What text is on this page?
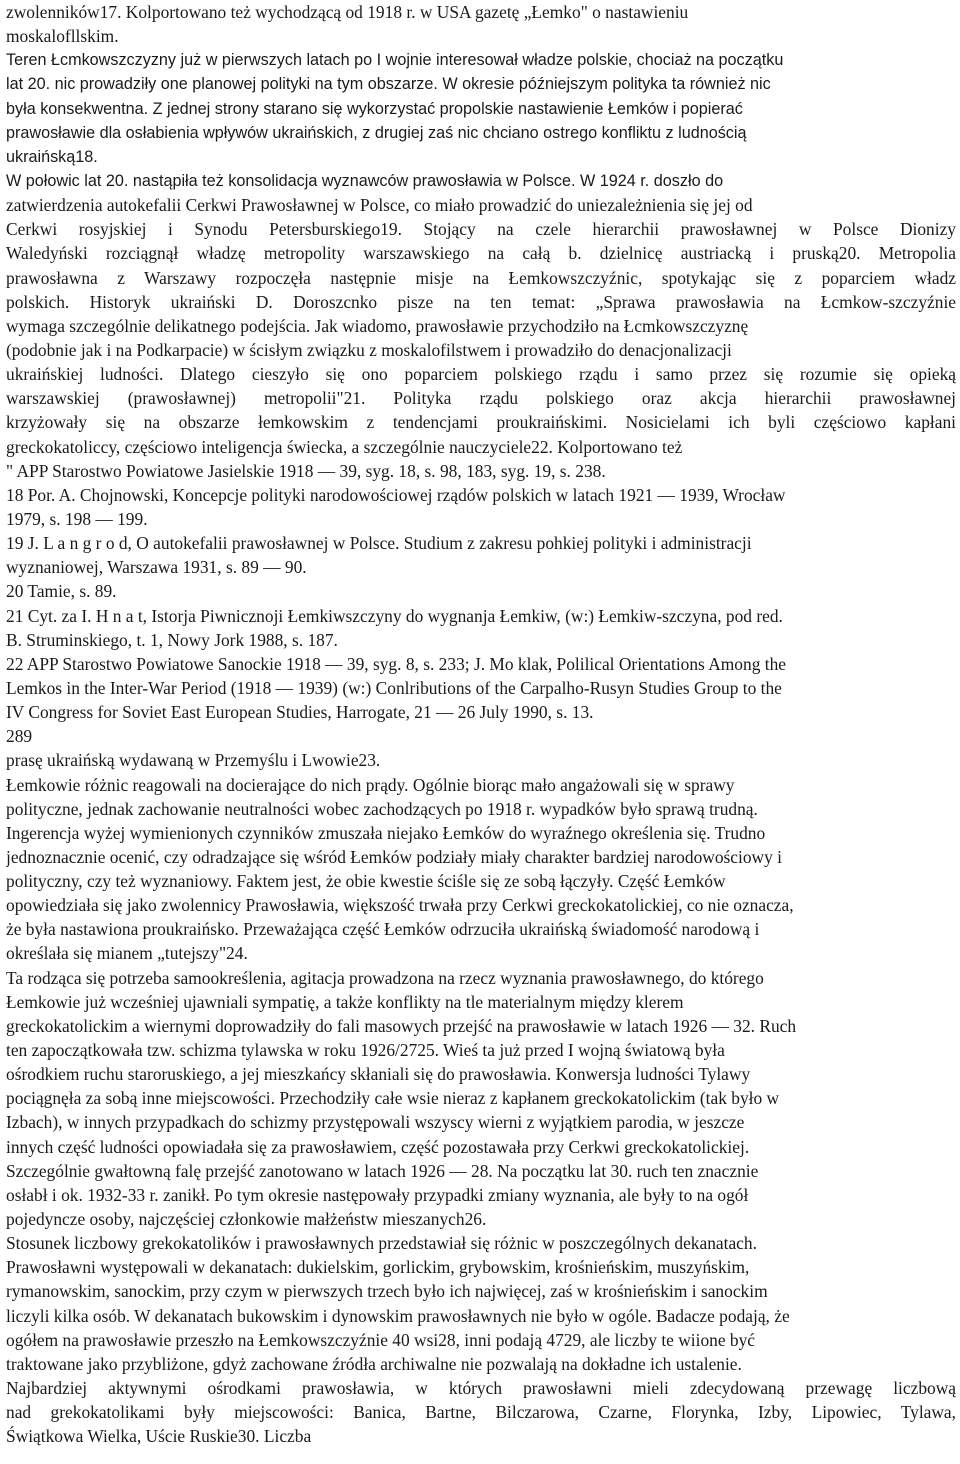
zwolenników17. Kolportowano też wychodzącą od 1918 r. w USA gazetę „Łemko" o nastawieniu
moskalofllskim.
Teren Łcmkowszczyzny już w pierwszych latach po I wojnie interesował władze polskie, chociaż na początku
lat 20. nic prowadziły one planowej polityki na tym obszarze. W okresie późniejszym polityka ta również nic
była konsekwentna. Z jednej strony starano się wykorzystać propolskie nastawienie Łemków i popierać
prawosławie dla osłabienia wpływów ukraińskich, z drugiej zaś nic chciano ostrego konfliktu z ludnością
ukraińską18.
W połowic lat 20. nastąpiła też konsolidacja wyznawców prawosławia w Polsce. W 1924 r. doszło do
zatwierdzenia autokefalii Cerkwi Prawosławnej w Polsce, co miało prowadzić do uniezależnienia się jej od
Cerkwi rosyjskiej i Synodu Petersburskiego19. Stojący na czele hierarchii prawosławnej w Polsce Dionizy
Waledyński rozciągnął władzę metropolity warszawskiego na całą b. dzielnicę austriacką i pruską20. Metropolia
prawosławna z Warszawy rozpoczęła następnie misje na Łemkowszczyźnic, spotykając się z poparciem władz
polskich. Historyk ukraiński D. Doroszcnko pisze na ten temat: „Sprawa prawosławia na Łcmkow-szczyźnie
wymaga szczególnie delikatnego podejścia. Jak wiadomo, prawosławie przychodziło na Łcmkowszczyznę
(podobnie jak i na Podkarpacie) w ścisłym związku z moskalofilstwem i prowadziło do denacjonalizacji
ukraińskiej ludności. Dlatego cieszyło się ono poparciem polskiego rządu i samo przez się rozumie się opieką
warszawskiej (prawosławnej) metropolii"21. Polityka rządu polskiego oraz akcja hierarchii prawosławnej
krzyżowały się na obszarze łemkowskim z tendencjami proukraińskimi. Nosicielami ich byli częściowo kapłani
greckokatoliccy, częściowo inteligencja świecka, a szczególnie nauczyciele22. Kolportowano też
" APP Starostwo Powiatowe Jasielskie 1918 — 39, syg. 18, s. 98, 183, syg. 19, s. 238.
18 Por. A. Chojnowski, Koncepcje polityki narodowościowej rządów polskich w latach 1921 — 1939, Wrocław
1979, s. 198 — 199.
19 J. L a n g r o d, O autokefalii prawosławnej w Polsce. Studium z zakresu pohkiej polityki i administracji
wyznaniowej, Warszawa 1931, s. 89 — 90.
20 Tamie, s. 89.
21 Cyt. za I. H n a t, Istorja Piwnicznoji Łemkiwszczyny do wygnanja Łemkiw, (w:) Łemkiw-szczyna, pod red.
B. Struminskiego, t. 1, Nowy Jork 1988, s. 187.
22 APP Starostwo Powiatowe Sanockie 1918 — 39, syg. 8, s. 233; J. Mo klak, Polilical Orientations Among the
Lemkos in the Inter-War Period (1918 — 1939) (w:) Conlributions of the Carpalho-Rusyn Studies Group to the
IV Congress for Soviet East European Studies, Harrogate, 21 — 26 July 1990, s. 13.
289
prasę ukraińską wydawaną w Przemyślu i Lwowie23.
Łemkowie różnic reagowali na docierające do nich prądy. Ogólnie biorąc mało angażowali się w sprawy
polityczne, jednak zachowanie neutralności wobec zachodzących po 1918 r. wypadków było sprawą trudną.
Ingerencja wyżej wymienionych czynników zmuszała niejako Łemków do wyraźnego określenia się. Trudno
jednoznacznie ocenić, czy odradzające się wśród Łemków podziały miały charakter bardziej narodowościowy i
polityczny, czy też wyznaniowy. Faktem jest, że obie kwestie ściśle się ze sobą łączyły. Część Łemków
opowiedziała się jako zwolennicy Prawosławia, większość trwała przy Cerkwi greckokatolickiej, co nie oznacza,
że była nastawiona proukraińsko. Przeważająca część Łemków odrzuciła ukraińską świadomość narodową i
określała się mianem „tutejszy"24.
Ta rodząca się potrzeba samookreślenia, agitacja prowadzona na rzecz wyznania prawosławnego, do którego
Łemkowie już wcześniej ujawniali sympatię, a także konflikty na tle materialnym między klerem
greckokatolickim a wiernymi doprowadziły do fali masowych przejść na prawosławie w latach 1926 — 32. Ruch
ten zapoczątkowała tzw. schizma tylawska w roku 1926/2725. Wieś ta już przed I wojną światową była
ośrodkiem ruchu staroruskiego, a jej mieszkańcy skłaniali się do prawosławia. Konwersja ludności Tylawy
pociągnęła za sobą inne miejscowości. Przechodziły całe wsie nieraz z kapłanem greckokatolickim (tak było w
Izbach), w innych przypadkach do schizmy przystępowali wszyscy wierni z wyjątkiem parodia, w jeszcze
innych część ludności opowiadała się za prawosławiem, część pozostawała przy Cerkwi greckokatolickiej.
Szczególnie gwałtowną falę przejść zanotowano w latach 1926 — 28. Na początku lat 30. ruch ten znacznie
osłabł i ok. 1932-33 r. zanikł. Po tym okresie następowały przypadki zmiany wyznania, ale były to na ogół
pojedyncze osoby, najczęściej członkowie małżeństw mieszanych26.
Stosunek liczbowy grekokatolików i prawosławnych przedstawiał się różnic w poszczególnych dekanatach.
Prawosławni występowali w dekanatach: dukielskim, gorlickim, grybowskim, krośnieńskim, muszyńskim,
rymanowskim, sanockim, przy czym w pierwszych trzech było ich najwięcej, zaś w krośnieńskim i sanockim
liczyli kilka osób. W dekanatach bukowskim i dynowskim prawosławnych nie było w ogóle. Badacze podają, że
ogółem na prawosławie przeszło na Łemkowszczyźnie 40 wsi28, inni podają 4729, ale liczby te wiione być
traktowane jako przybliżone, gdyż zachowane źródła archiwalne nie pozwalają na dokładne ich ustalenie.
Najbardziej aktywnymi ośrodkami prawosławia, w których prawosławni mieli zdecydowaną przewagę liczbową
nad grekokatolikami były miejscowości: Banica, Bartne, Bilczarowa, Czarne, Florynka, Izby, Lipowiec, Tylawa,
Świątkowa Wielka, Uście Ruskie30. Liczba
